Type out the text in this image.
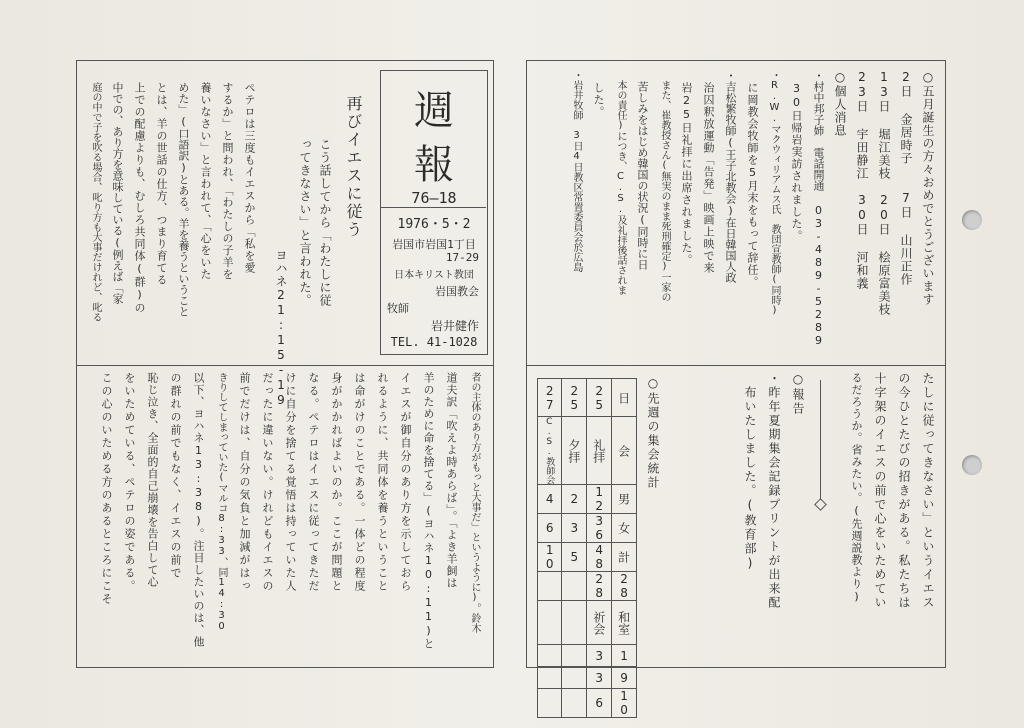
週
報
76—18
1976・5・2
岩国市岩国1丁目
17-29
日本キリスト教団
岩国教会
牧師
岩井健作
TEL. 41-1028
再びイエスに従う
こう話してから「わたしに従
ってきなさい」と言われた。
　　　ヨハネ21:15-19
ペテロは三度もイエスから「私を愛
するか」と問われ、「わたしの子羊を
養いなさい」と言われて、「心をいた
めた」(口語訳)とある。羊を養うということ
とは、羊の世話の仕方、つまり育てる
上での配慮よりも、むしろ共同体(群)の
中での、あり方を意味している(例えば「家
庭の中で子を吹る場合、叱り方も大事だけれど、叱る
者の主体のあり方がもっと大事だ」というように)。鈴木
道夫訳「吹えよ時あらば」。「よき羊飼は
羊のために命を捨てる」(ヨハネ10:11)と
イエスが御自分のあり方を示しておら
れるように、共同体を養うということ
は命がけのことである。一体どの程度
身がかかればよいのか。ここが問題と
なる。ペテロはイエスに従ってきただ
けに自分を捨てる覚悟は持っていた人
だったに違いない。けれどもイエスの
前でだけは、自分の気負と加減がはっ
きりしてしまっていた(マルコ8:33、同14:30
以下、ヨハネ13:38)。注目したいのは、他
の群れの前でもなく、イエスの前で
恥じ泣き、全面的自己崩壊を告白して心
をいためている、ペテロの姿である。
この心のいためる方のあるところにこそ
○五月誕生の方々おめでとうございます
2日 金居時子　　7日 山川正作
13日 堀江美枝　20日 桧原富美枝
23日 宇田静江　30日 河和義
○個人消息
・村中邦子姉　電話開通 03-489-5289
　30日帰岩実訪されました。
・R.W.マクウィリアムス氏　教団宣教師(同時)
　に岡教会牧師を5月末をもって辞任。
・吉松繁牧師(王子北教会)在日韓国人政
　治囚釈放運動「告発」映画上映で来
　岩25日礼拝に出席されました。
　また、崔教授さん(無実のまま死刑確定)一家の
　苦しみをはじめ韓国の状況(同時に日
　本の責任)につき、C.S.及礼拝後話されま
　した。
・岩井牧師　3日4日教区常置委員会於広島
たしに従ってきなさい」というイエス
の今ひとたびの招きがある。私たちは
十字架のイエスの前で心をいためてい
るだろうか。省みたい。(先週説教より)
○報告
・昨年夏期集会記録プリントが出来配
　布いたしました。(教育部)
○先週の集会統計
27	25	25	日
C.S.教師会	夕拝	礼拝	会
4	2	12	男
6	3	36	女
10	5	48	計
		28	28
		祈会	和室
		3	1
		3	9
		6	10
